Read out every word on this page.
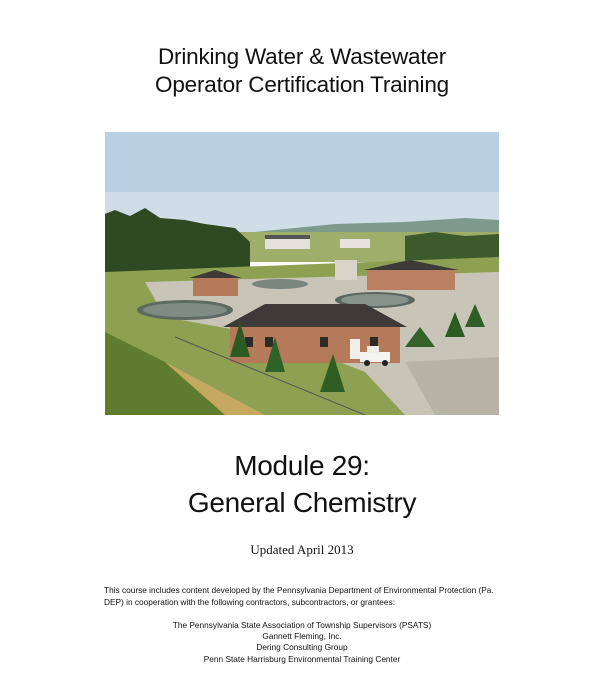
Drinking Water & Wastewater
Operator Certification Training
Module 29:
General Chemistry
Updated April 2013
This course includes content developed by the Pennsylvania Department of Environmental Protection (Pa. DEP) in cooperation with the following contractors, subcontractors, or grantees:
The Pennsylvania State Association of Township Supervisors (PSATS)
Gannett Fleming, Inc.
Dering Consulting Group
Penn State Harrisburg Environmental Training Center
